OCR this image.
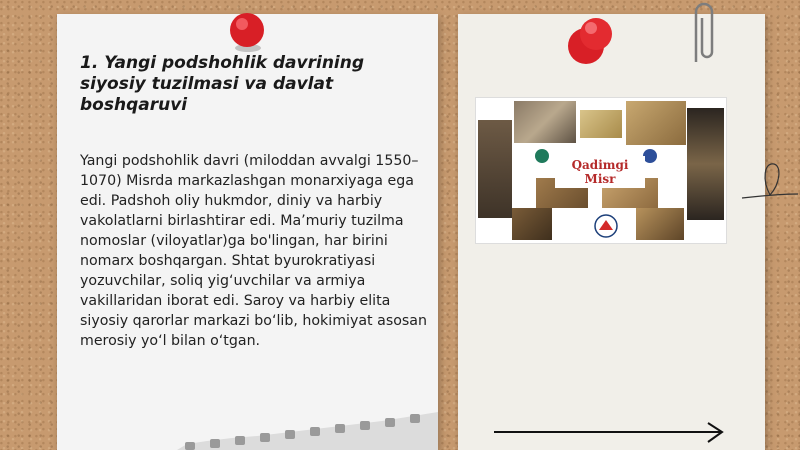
1. Yangi podshohlik davrining siyosiy tuzilmasi va davlat boshqaruvi

Yangi podshohlik davri (miloddan avvalgi 1550–1070) Misrda markazlashgan monarxiyaga ega edi. Padshoh oliy hukmdor, diniy va harbiy vakolatlarni birlashtirar edi. Ma’muriy tuzilma nomoslar (viloyatlar)ga bo'lingan, har birini nomarx boshqargan. Shtat byurokratiyasi yozuvchilar, soliq yig‘uvchilar va armiya vakillaridan iborat edi. Saroy va harbiy elita siyosiy qarorlar markazi bo‘lib, hokimiyat asosan merosiy yo‘l bilan o‘tgan.

Qadimgi Misr
